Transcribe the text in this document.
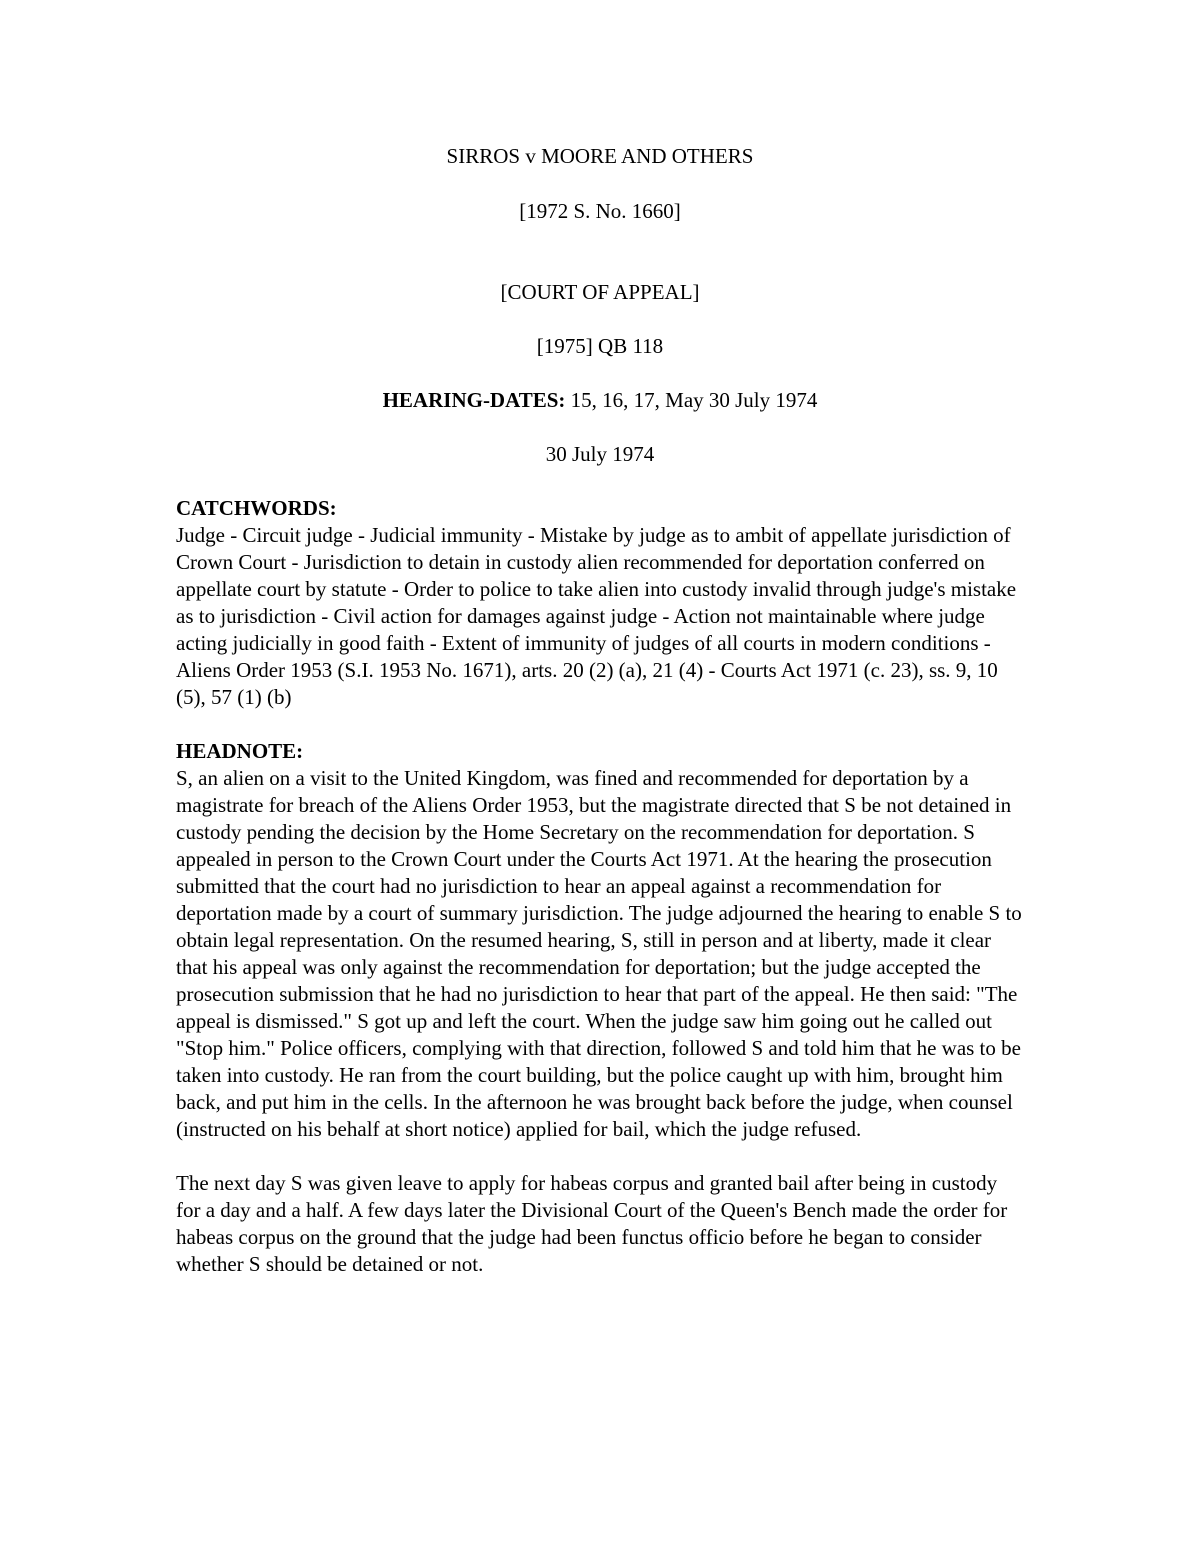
SIRROS v MOORE AND OTHERS
[1972 S. No. 1660]
[COURT OF APPEAL]
[1975] QB 118
HEARING-DATES: 15, 16, 17, May 30 July 1974
30 July 1974
CATCHWORDS:

Judge - Circuit judge - Judicial immunity - Mistake by judge as to ambit of appellate jurisdiction of Crown Court - Jurisdiction to detain in custody alien recommended for deportation conferred on appellate court by statute - Order to police to take alien into custody invalid through judge's mistake as to jurisdiction - Civil action for damages against judge - Action not maintainable where judge acting judicially in good faith - Extent of immunity of judges of all courts in modern conditions - Aliens Order 1953 (S.I. 1953 No. 1671), arts. 20 (2) (a), 21 (4) - Courts Act 1971 (c. 23), ss. 9, 10 (5), 57 (1) (b)

HEADNOTE:

S, an alien on a visit to the United Kingdom, was fined and recommended for deportation by a magistrate for breach of the Aliens Order 1953, but the magistrate directed that S be not detained in custody pending the decision by the Home Secretary on the recommendation for deportation. S appealed in person to the Crown Court under the Courts Act 1971. At the hearing the prosecution submitted that the court had no jurisdiction to hear an appeal against a recommendation for deportation made by a court of summary jurisdiction. The judge adjourned the hearing to enable S to obtain legal representation. On the resumed hearing, S, still in person and at liberty, made it clear that his appeal was only against the recommendation for deportation; but the judge accepted the prosecution submission that he had no jurisdiction to hear that part of the appeal. He then said: "The appeal is dismissed." S got up and left the court. When the judge saw him going out he called out "Stop him." Police officers, complying with that direction, followed S and told him that he was to be taken into custody. He ran from the court building, but the police caught up with him, brought him back, and put him in the cells. In the afternoon he was brought back before the judge, when counsel (instructed on his behalf at short notice) applied for bail, which the judge refused.

The next day S was given leave to apply for habeas corpus and granted bail after being in custody for a day and a half. A few days later the Divisional Court of the Queen's Bench made the order for habeas corpus on the ground that the judge had been functus officio before he began to consider whether S should be detained or not.
